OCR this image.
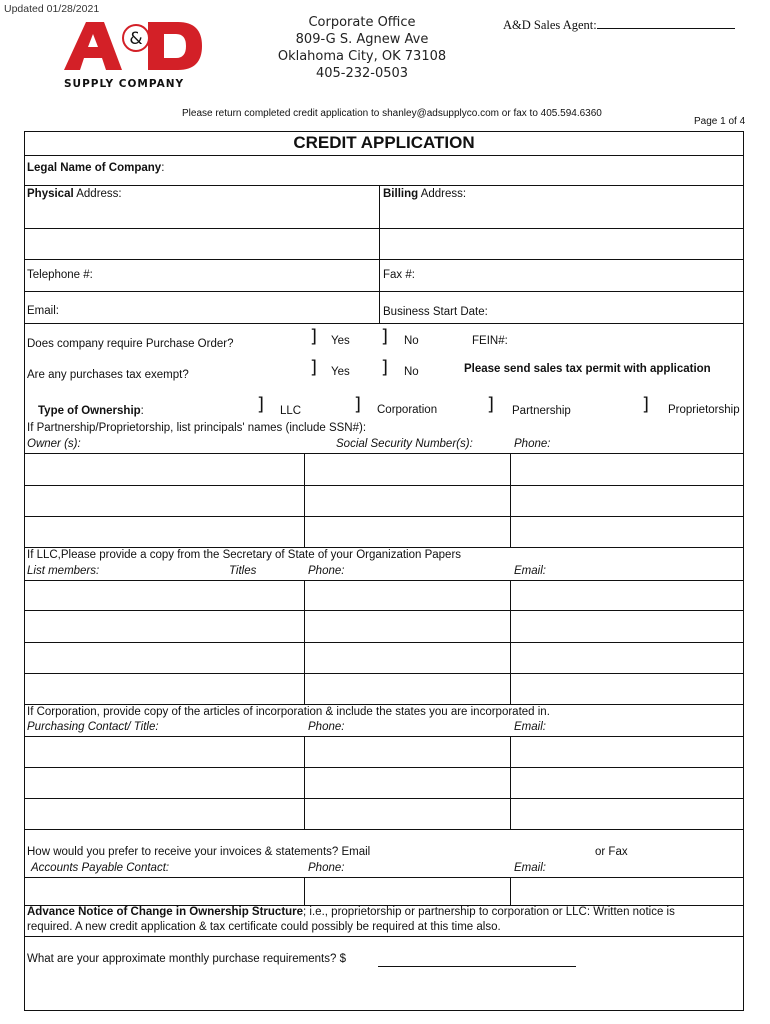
Updated 01/28/2021
&
SUPPLY COMPANY
Corporate Office
809-G S. Agnew Ave
Oklahoma City, OK 73108
405-232-0503
A&D Sales Agent:
Please return completed credit application to shanley@adsupplyco.com or fax to 405.594.6360
Page 1 of 4
CREDIT APPLICATION
Legal Name of Company:
Physical Address:	Billing Address:
Telephone #:	Fax #:
Email:	Business Start Date:
Does company require Purchase Order?	] Yes ] No	FEIN#:
Are any purchases tax exempt?	] Yes ] No	Please send sales tax permit with application
Type of Ownership:	] LLC	] Corporation	] Partnership	] Proprietorship
If Partnership/Proprietorship, list principals' names (include SSN#):
Owner (s):	Social Security Number(s):	Phone:
If LLC,Please provide a copy from the Secretary of State of your Organization Papers
List members:	Titles	Phone:	Email:
If Corporation, provide copy of the articles of incorporation & include the states you are incorporated in.
Purchasing Contact/ Title:	Phone:	Email:
How would you prefer to receive your invoices & statements? Email	or Fax
Accounts Payable Contact:	Phone:	Email:
Advance Notice of Change in Ownership Structure; i.e., proprietorship or partnership to corporation or LLC: Written notice is
required. A new credit application & tax certificate could possibly be required at this time also.
What are your approximate monthly purchase requirements? $
